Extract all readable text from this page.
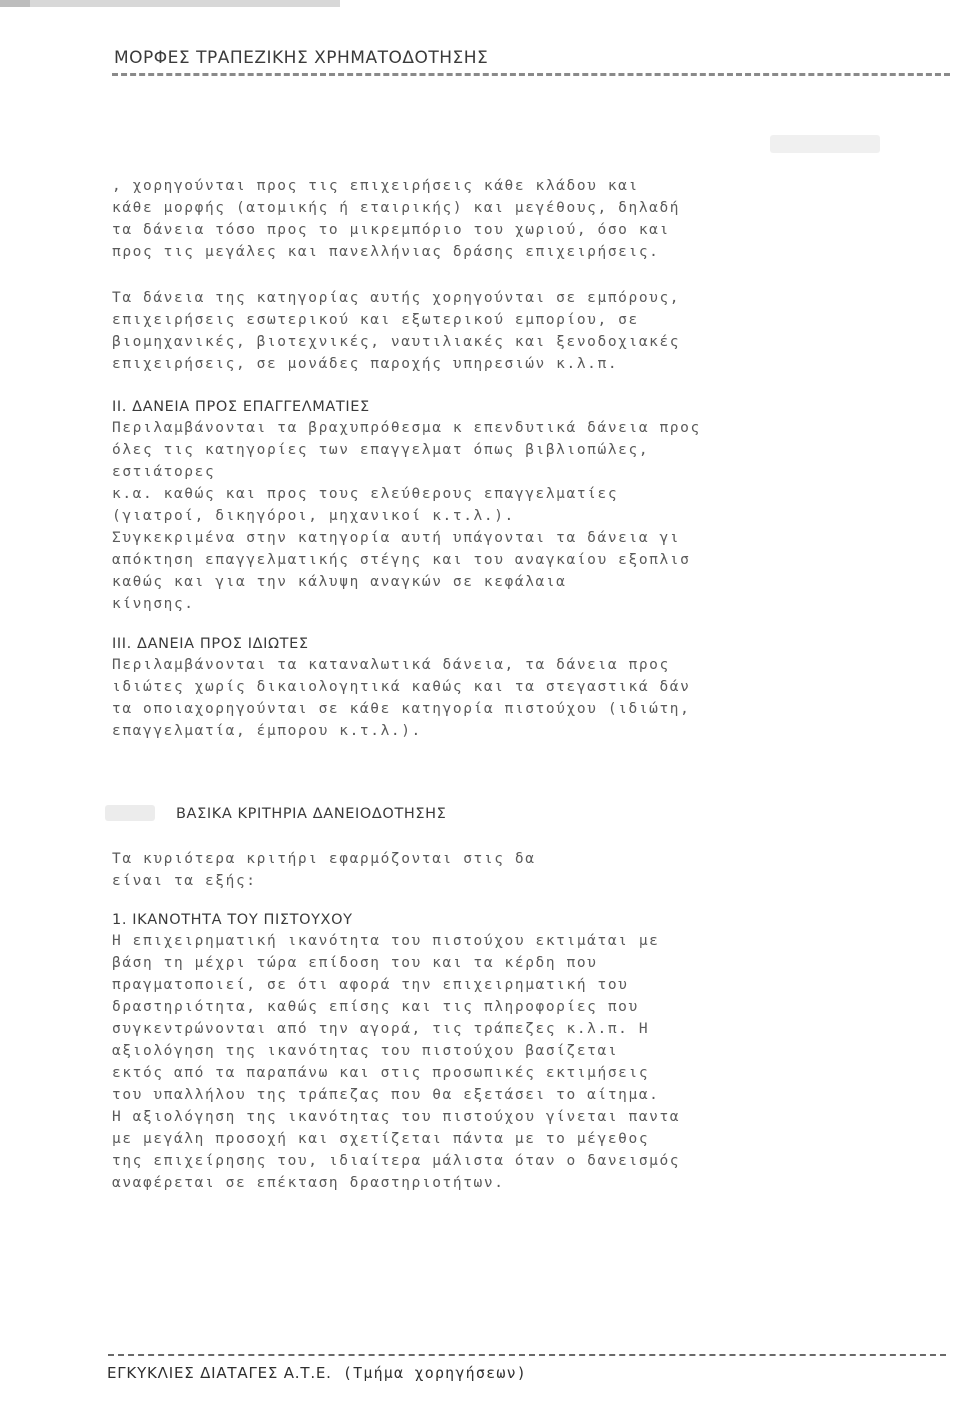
ΜΟΡΦΕΣ ΤΡΑΠΕΖΙΚΗΣ ΧΡΗΜΑΤΟΔΟΤΗΣΗΣ
, χορηγούνται προς τις επιχειρήσεις κάθε κλάδου και
κάθε μορφής (ατομικής ή εταιρικής) και μεγέθους, δηλαδή
τα δάνεια τόσο προς το μικρεμπόριο του χωριού, όσο και
προς τις μεγάλες και πανελλήνιας δράσης επιχειρήσεις.
Τα δάνεια της κατηγορίας αυτής χορηγούνται σε εμπόρους,
επιχειρήσεις εσωτερικού και εξωτερικού εμπορίου, σε
βιομηχανικές, βιοτεχνικές, ναυτιλιακές και ξενοδοχιακές
επιχειρήσεις, σε μονάδες παροχής υπηρεσιών κ.λ.π.
II. ΔΑΝΕΙΑ ΠΡΟΣ ΕΠΑΓΓΕΛΜΑΤΙΕΣ
Περιλαμβάνονται τα βραχυπρόθεσμα κ επενδυτικά δάνεια προς
όλες τις κατηγορίες των επαγγελματ όπως βιβλιοπώλες,
εστιάτορες
κ.α. καθώς και προς τους ελεύθερους επαγγελματίες
(γιατροί, δικηγόροι, μηχανικοί κ.τ.λ.).
Συγκεκριμένα στην κατηγορία αυτή υπάγονται τα δάνεια γι
απόκτηση επαγγελματικής στέγης και του αναγκαίου εξοπλισ
καθώς και για την κάλυψη αναγκών σε κεφάλαια
κίνησης.
III. ΔΑΝΕΙΑ ΠΡΟΣ ΙΔΙΩΤΕΣ
Περιλαμβάνονται τα καταναλωτικά δάνεια, τα δάνεια προς
ιδιώτες χωρίς δικαιολογητικά καθώς και τα στεγαστικά δάν
τα οποιαχορηγούνται σε κάθε κατηγορία πιστούχου (ιδιώτη,
επαγγελματία, έμπορου κ.τ.λ.).
ΒΑΣΙΚΑ ΚΡΙΤΗΡΙΑ ΔΑΝΕΙΟΔΟΤΗΣΗΣ
Τα κυριότερα κριτήρι εφαρμόζονται στις δα
είναι τα εξής:
1. ΙΚΑΝΟΤΗΤΑ ΤΟΥ ΠΙΣΤΟΥΧΟΥ
Η επιχειρηματική ικανότητα του πιστούχου εκτιμάται με
βάση τη μέχρι τώρα επίδοση του και τα κέρδη που
πραγματοποιεί, σε ότι αφορά την επιχειρηματική του
δραστηριότητα, καθώς επίσης και τις πληροφορίες που
συγκεντρώνονται από την αγορά, τις τράπεζες κ.λ.π. Η
αξιολόγηση της ικανότητας του πιστούχου βασίζεται
εκτός από τα παραπάνω και στις προσωπικές εκτιμήσεις
του υπαλλήλου της τράπεζας που θα εξετάσει το αίτημα.
Η αξιολόγηση της ικανότητας του πιστούχου γίνεται παντα
με μεγάλη προσοχή και σχετίζεται πάντα με το μέγεθος
της επιχείρησης του, ιδιαίτερα μάλιστα όταν ο δανεισμός
αναφέρεται σε επέκταση δραστηριοτήτων.
ΕΓΚΥΚΛΙΕΣ ΔΙΑΤΑΓΕΣ Α.Τ.Ε. (Τμήμα χορηγήσεων)
